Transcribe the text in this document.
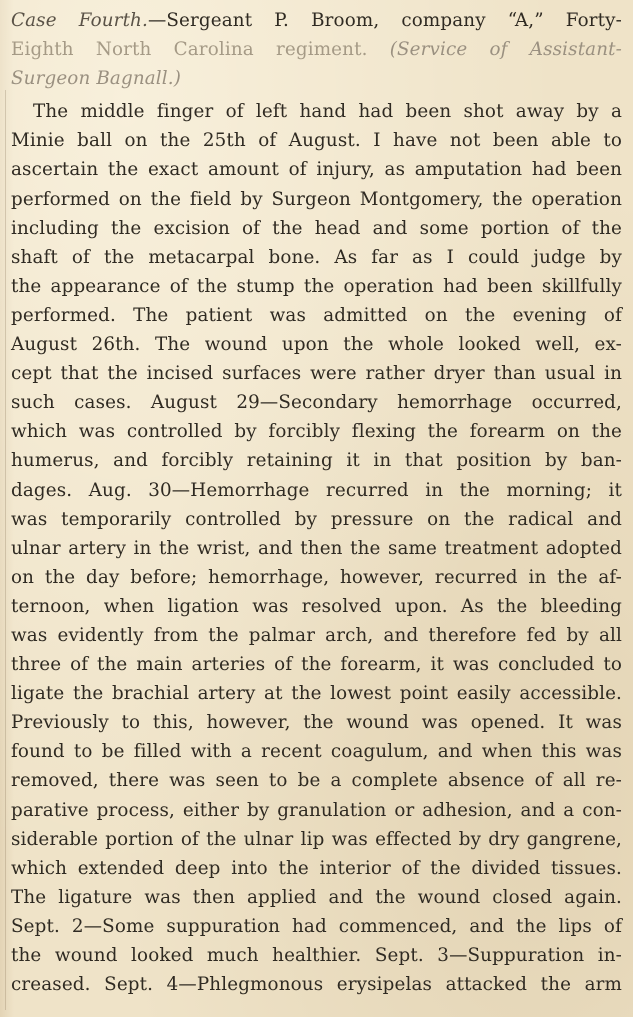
Case Fourth.—Sergeant P. Broom, company “A,” Forty-
Eighth North Carolina regiment. (Service of Assistant-
Surgeon Bagnall.)
The middle finger of left hand had been shot away by a
Minie ball on the 25th of August. I have not been able to
ascertain the exact amount of injury, as amputation had been
performed on the field by Surgeon Montgomery, the operation
including the excision of the head and some portion of the
shaft of the metacarpal bone. As far as I could judge by
the appearance of the stump the operation had been skillfully
performed. The patient was admitted on the evening of
August 26th. The wound upon the whole looked well, ex-
cept that the incised surfaces were rather dryer than usual in
such cases. August 29—Secondary hemorrhage occurred,
which was controlled by forcibly flexing the forearm on the
humerus, and forcibly retaining it in that position by ban-
dages. Aug. 30—Hemorrhage recurred in the morning; it
was temporarily controlled by pressure on the radical and
ulnar artery in the wrist, and then the same treatment adopted
on the day before; hemorrhage, however, recurred in the af-
ternoon, when ligation was resolved upon. As the bleeding
was evidently from the palmar arch, and therefore fed by all
three of the main arteries of the forearm, it was concluded to
ligate the brachial artery at the lowest point easily accessible.
Previously to this, however, the wound was opened. It was
found to be filled with a recent coagulum, and when this was
removed, there was seen to be a complete absence of all re-
parative process, either by granulation or adhesion, and a con-
siderable portion of the ulnar lip was effected by dry gangrene,
which extended deep into the interior of the divided tissues.
The ligature was then applied and the wound closed again.
Sept. 2—Some suppuration had commenced, and the lips of
the wound looked much healthier. Sept. 3—Suppuration in-
creased. Sept. 4—Phlegmonous erysipelas attacked the arm
